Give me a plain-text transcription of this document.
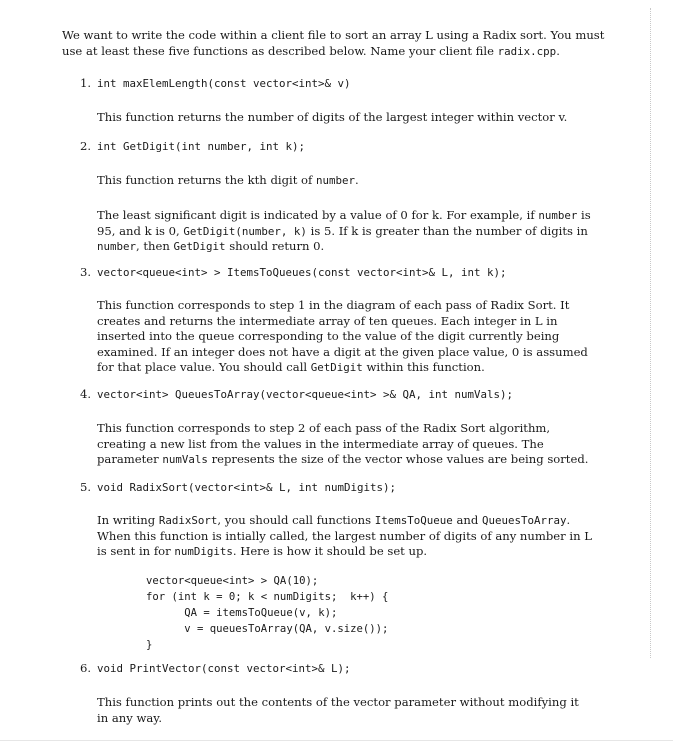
We want to write the code within a client file to sort an array L using a Radix sort. You must use at least these five functions as described below. Name your client file radix.cpp.

1. int maxElemLength(const vector<int>& v)

This function returns the number of digits of the largest integer within vector v.

2. int GetDigit(int number, int k);

This function returns the kth digit of number.

The least significant digit is indicated by a value of 0 for k. For example, if number is 95, and k is 0, GetDigit(number, k) is 5. If k is greater than the number of digits in number, then GetDigit should return 0.

3. vector<queue<int> > ItemsToQueues(const vector<int>& L, int k);

This function corresponds to step 1 in the diagram of each pass of Radix Sort. It creates and returns the intermediate array of ten queues. Each integer in L in inserted into the queue corresponding to the value of the digit currently being examined. If an integer does not have a digit at the given place value, 0 is assumed for that place value. You should call GetDigit within this function.

4. vector<int> QueuesToArray(vector<queue<int> >& QA, int numVals);

This function corresponds to step 2 of each pass of the Radix Sort algorithm, creating a new list from the values in the intermediate array of queues. The parameter numVals represents the size of the vector whose values are being sorted.

5. void RadixSort(vector<int>& L, int numDigits);

In writing RadixSort, you should call functions ItemsToQueue and QueuesToArray. When this function is intially called, the largest number of digits of any number in L is sent in for numDigits. Here is how it should be set up.

vector<queue<int> > QA(10);
for (int k = 0; k < numDigits;  k++) {
QA = itemsToQueue(v, k);
v = queuesToArray(QA, v.size());
}
6. void PrintVector(const vector<int>& L);

This function prints out the contents of the vector parameter without modifying it in any way.
